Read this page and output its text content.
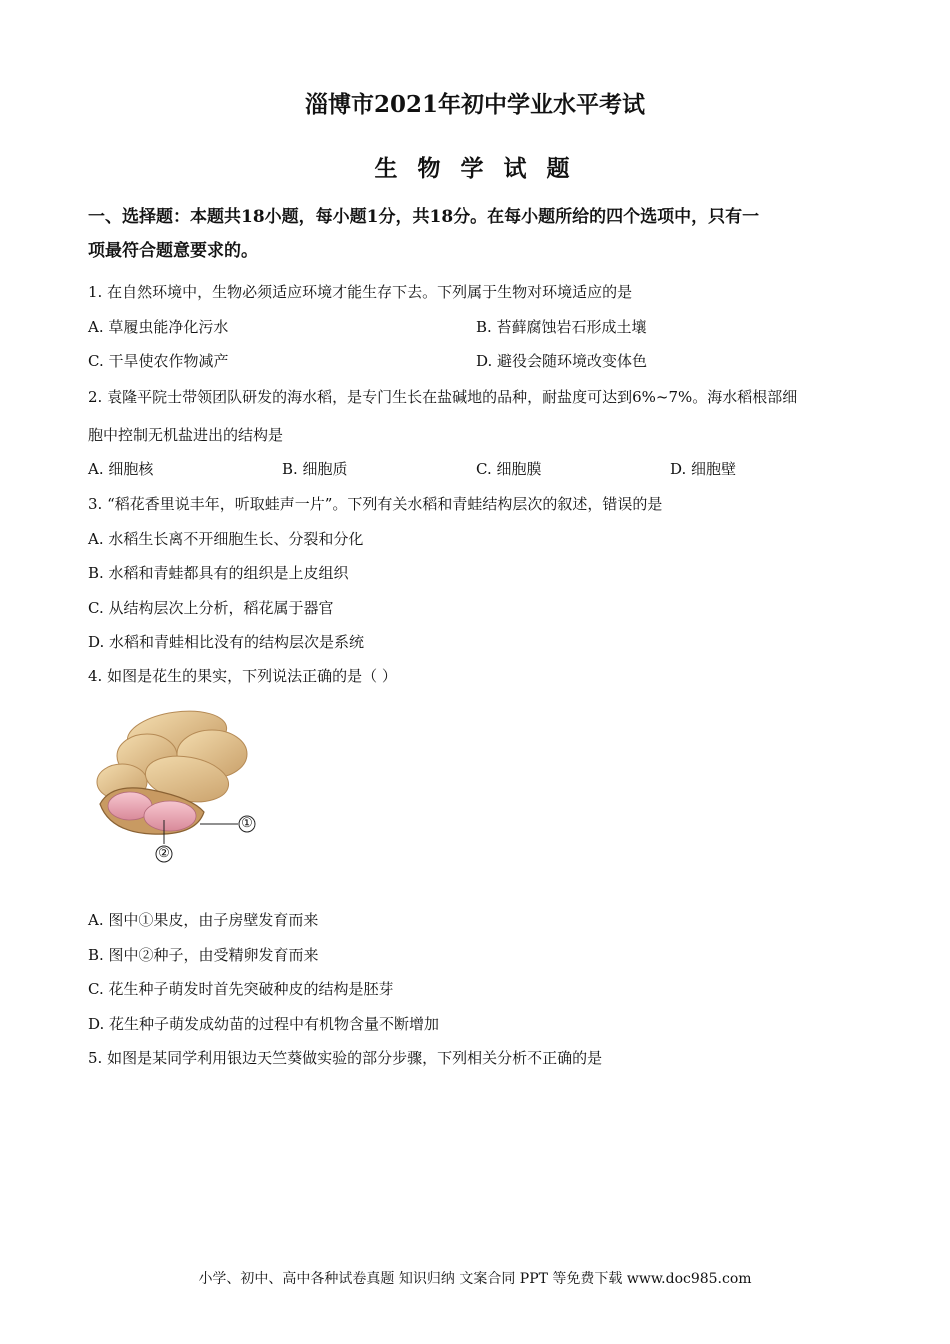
淄博市2021年初中学业水平考试
生 物 学 试 题
一、选择题：本题共18小题，每小题1分，共18分。在每小题所给的四个选项中，只有一
项最符合题意要求的。
1. 在自然环境中，生物必须适应环境才能生存下去。下列属于生物对环境适应的是
A. 草履虫能净化污水	B. 苔藓腐蚀岩石形成土壤
C. 干旱使农作物减产	D. 避役会随环境改变体色
2. 袁隆平院士带领团队研发的海水稻，是专门生长在盐碱地的品种，耐盐度可达到6%~7%。海水稻根部细
胞中控制无机盐进出的结构是
A. 细胞核	B. 细胞质	C. 细胞膜	D. 细胞壁
3. “稻花香里说丰年，听取蛙声一片”。下列有关水稻和青蛙结构层次的叙述，错误的是
A. 水稻生长离不开细胞生长、分裂和分化
B. 水稻和青蛙都具有的组织是上皮组织
C. 从结构层次上分析，稻花属于器官
D. 水稻和青蛙相比没有的结构层次是系统
4. 如图是花生的果实，下列说法正确的是（ ）
①
②
A. 图中①果皮，由子房壁发育而来
B. 图中②种子，由受精卵发育而来
C. 花生种子萌发时首先突破种皮的结构是胚芽
D. 花生种子萌发成幼苗的过程中有机物含量不断增加
5. 如图是某同学利用银边天竺葵做实验的部分步骤，下列相关分析不正确的是
小学、初中、高中各种试卷真题 知识归纳 文案合同 PPT 等免费下载 www.doc985.com
